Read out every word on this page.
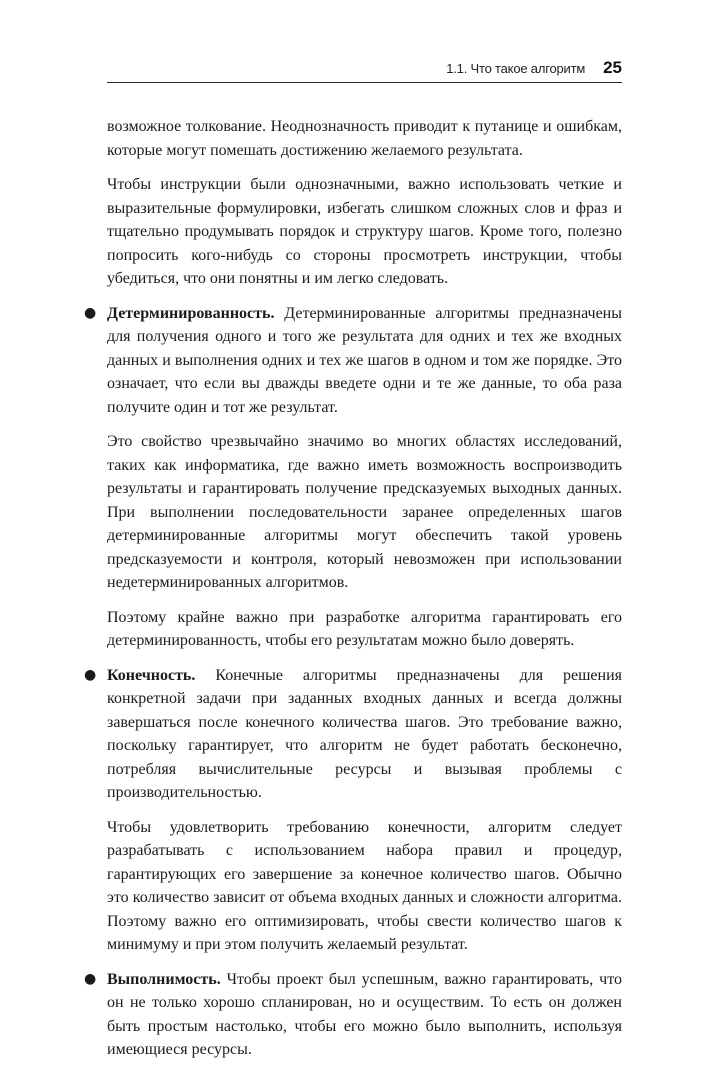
1.1. Что такое алгоритм 25

возможное толкование. Неоднозначность приводит к путанице и ошибкам, которые могут помешать достижению желаемого результата.

Чтобы инструкции были однозначными, важно использовать четкие и выразительные формулировки, избегать слишком сложных слов и фраз и тщательно продумывать порядок и структуру шагов. Кроме того, полезно попросить кого-нибудь со стороны просмотреть инструкции, чтобы убедиться, что они понятны и им легко следовать.

● Детерминированность. Детерминированные алгоритмы предназначены для получения одного и того же результата для одних и тех же входных данных и выполнения одних и тех же шагов в одном и том же порядке. Это означает, что если вы дважды введете одни и те же данные, то оба раза получите один и тот же результат.

Это свойство чрезвычайно значимо во многих областях исследований, таких как информатика, где важно иметь возможность воспроизводить результаты и гарантировать получение предсказуемых выходных данных. При выполнении последовательности заранее определенных шагов детерминированные алгоритмы могут обеспечить такой уровень предсказуемости и контроля, который невозможен при использовании недетерминированных алгоритмов.

Поэтому крайне важно при разработке алгоритма гарантировать его детерминированность, чтобы его результатам можно было доверять.

● Конечность. Конечные алгоритмы предназначены для решения конкретной задачи при заданных входных данных и всегда должны завершаться после конечного количества шагов. Это требование важно, поскольку гарантирует, что алгоритм не будет работать бесконечно, потребляя вычислительные ресурсы и вызывая проблемы с производительностью.

Чтобы удовлетворить требованию конечности, алгоритм следует разрабатывать с использованием набора правил и процедур, гарантирующих его завершение за конечное количество шагов. Обычно это количество зависит от объема входных данных и сложности алгоритма. Поэтому важно его оптимизировать, чтобы свести количество шагов к минимуму и при этом получить желаемый результат.

● Выполнимость. Чтобы проект был успешным, важно гарантировать, что он не только хорошо спланирован, но и осуществим. То есть он должен быть простым настолько, чтобы его можно было выполнить, используя имеющиеся ресурсы.
